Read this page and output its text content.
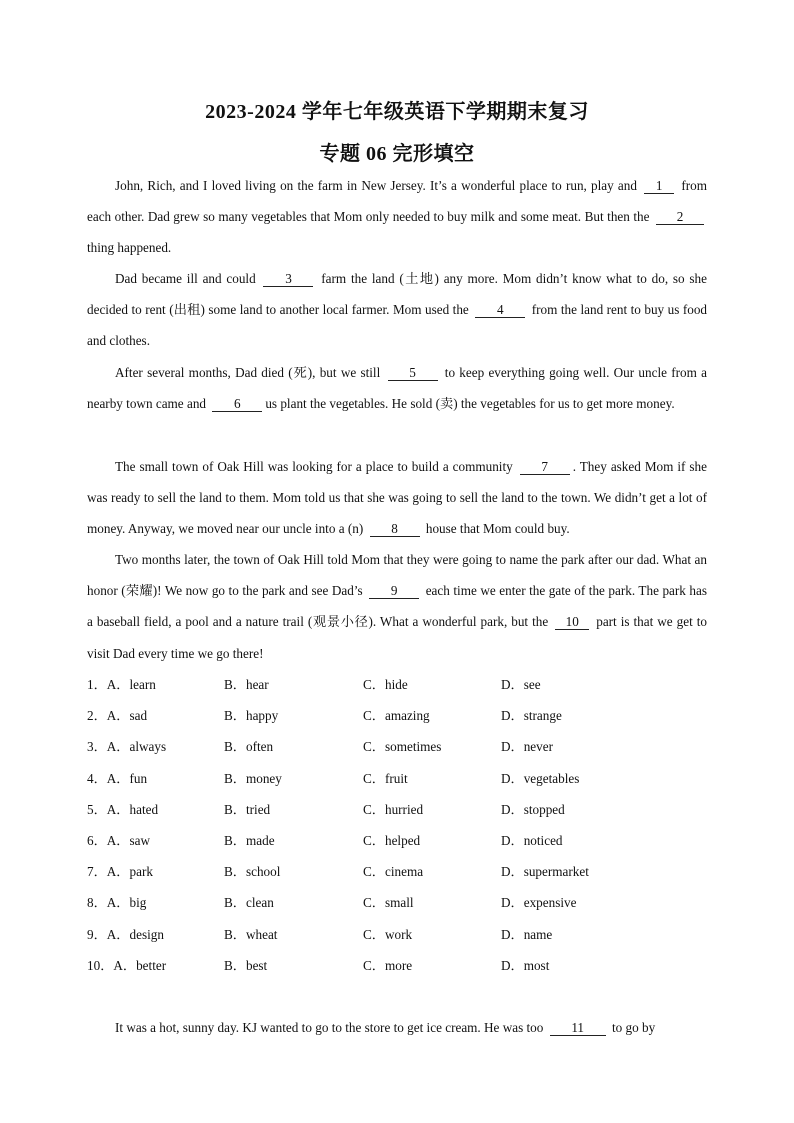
2023-2024 学年七年级英语下学期期末复习
专题 06 完形填空
John, Rich, and I loved living on the farm in New Jersey. It’s a wonderful place to run, play and 1 from each other. Dad grew so many vegetables that Mom only needed to buy milk and some meat. But then the 2 thing happened.
Dad became ill and could 3 farm the land (土地) any more. Mom didn’t know what to do, so she decided to rent (出租) some land to another local farmer. Mom used the 4 from the land rent to buy us food and clothes.
After several months, Dad died (死), but we still 5 to keep everything going well. Our uncle from a nearby town came and 6 us plant the vegetables. He sold (卖) the vegetables for us to get more money.
The small town of Oak Hill was looking for a place to build a community 7 . They asked Mom if she was ready to sell the land to them. Mom told us that she was going to sell the land to the town. We didn’t get a lot of money. Anyway, we moved near our uncle into a (n) 8 house that Mom could buy.
Two months later, the town of Oak Hill told Mom that they were going to name the park after our dad. What an honor (荣耀)! We now go to the park and see Dad’s 9 each time we enter the gate of the park. The park has a baseball field, a pool and a nature trail (观景小径). What a wonderful park, but the 10 part is that we get to visit Dad every time we go there!
1．A．learn	B．hear	C．hide	D．see
2．A．sad	B．happy	C．amazing	D．strange
3．A．always	B．often	C．sometimes	D．never
4．A．fun	B．money	C．fruit	D．vegetables
5．A．hated	B．tried	C．hurried	D．stopped
6．A．saw	B．made	C．helped	D．noticed
7．A．park	B．school	C．cinema	D．supermarket
8．A．big	B．clean	C．small	D．expensive
9．A．design	B．wheat	C．work	D．name
10．A．better	B．best	C．more	D．most
It was a hot, sunny day. KJ wanted to go to the store to get ice cream. He was too 11 to go by
